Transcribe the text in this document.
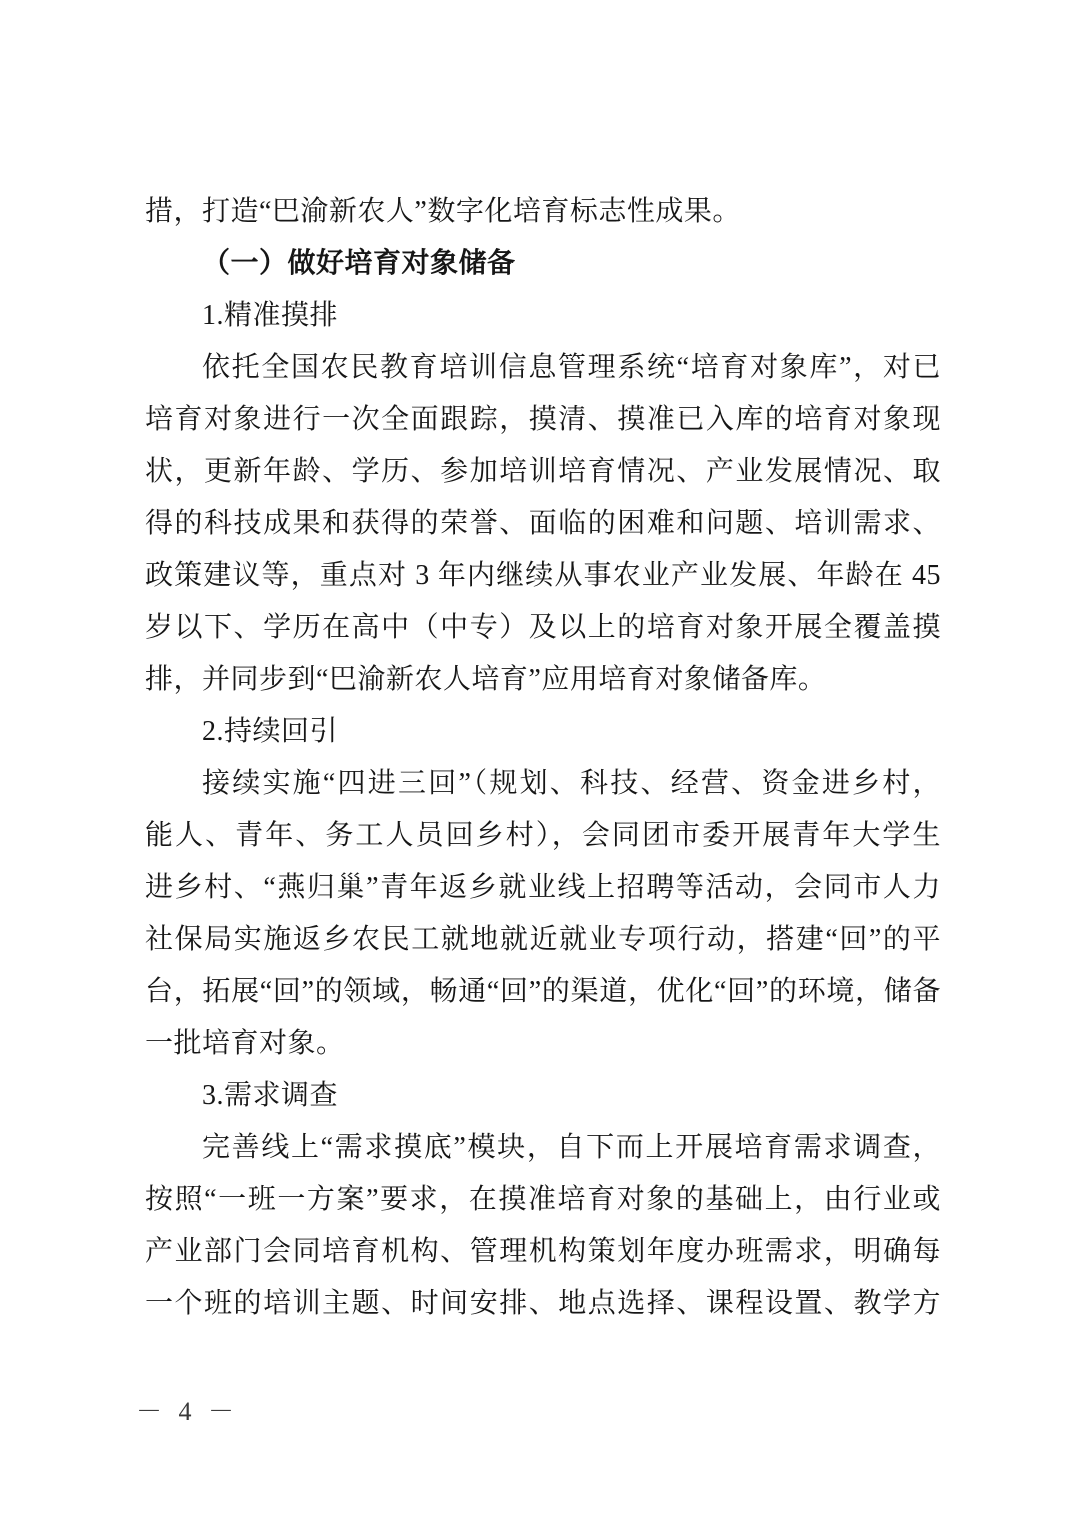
措，打造“巴渝新农人”数字化培育标志性成果。
（一）做好培育对象储备
1.精准摸排
依托全国农民教育培训信息管理系统“培育对象库”，对已
培育对象进行一次全面跟踪，摸清、摸准已入库的培育对象现
状，更新年龄、学历、参加培训培育情况、产业发展情况、取
得的科技成果和获得的荣誉、面临的困难和问题、培训需求、
政策建议等，重点对 3 年内继续从事农业产业发展、年龄在 45
岁以下、学历在高中（中专）及以上的培育对象开展全覆盖摸
排，并同步到“巴渝新农人培育”应用培育对象储备库。
2.持续回引
接续实施“四进三回”（规划、科技、经营、资金进乡村，
能人、青年、务工人员回乡村），会同团市委开展青年大学生
进乡村、“燕归巢”青年返乡就业线上招聘等活动，会同市人力
社保局实施返乡农民工就地就近就业专项行动，搭建“回”的平
台，拓展“回”的领域，畅通“回”的渠道，优化“回”的环境，储备
一批培育对象。
3.需求调查
完善线上“需求摸底”模块，自下而上开展培育需求调查，
按照“一班一方案”要求，在摸准培育对象的基础上，由行业或
产业部门会同培育机构、管理机构策划年度办班需求，明确每
一个班的培训主题、时间安排、地点选择、课程设置、教学方
－ 4 －
